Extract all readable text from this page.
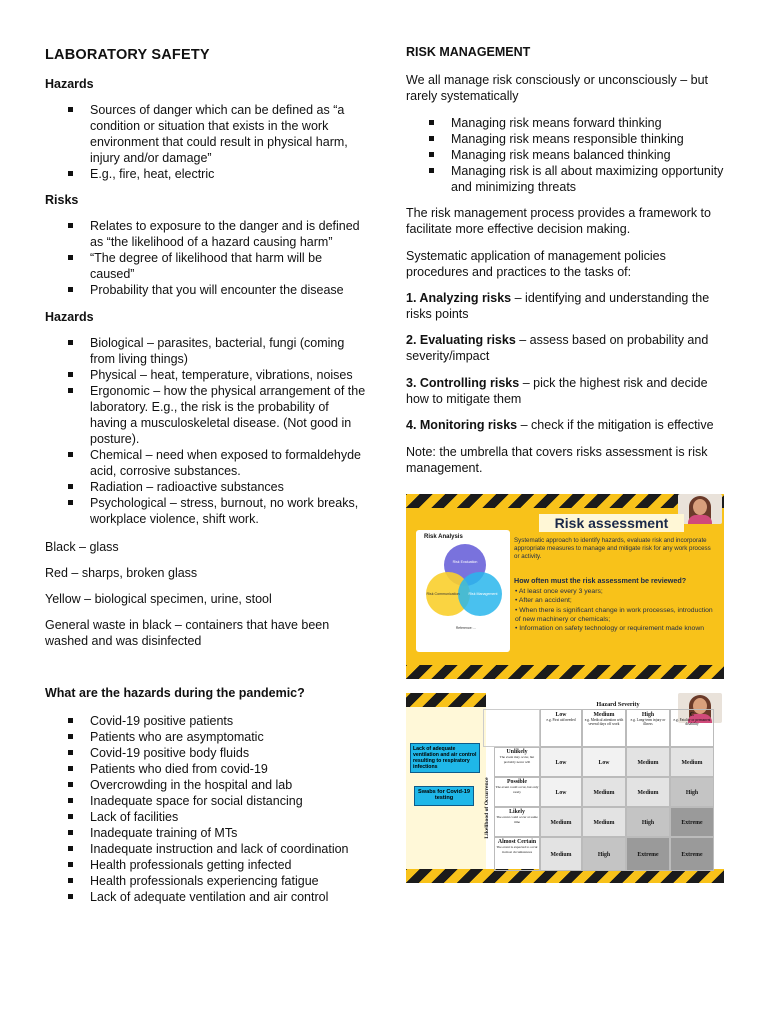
LABORATORY SAFETY

Hazards

Sources of danger which can be defined as “a condition or situation that exists in the work environment that could result in physical harm, injury and/or damage”
E.g., fire, heat, electric

Risks

Relates to exposure to the danger and is defined as “the likelihood of a hazard causing harm”
“The degree of likelihood that harm will be caused”
Probability that you will encounter the disease

Hazards

Biological – parasites, bacterial, fungi (coming from living things)
Physical – heat, temperature, vibrations, noises
Ergonomic – how the physical arrangement of the laboratory. E.g., the risk is the probability of having a musculoskeletal disease. (Not good in posture).
Chemical – need when exposed to formaldehyde acid, corrosive substances.
Radiation – radioactive substances
Psychological – stress, burnout, no work breaks, workplace violence, shift work.

Black – glass

Red – sharps, broken glass

Yellow – biological specimen, urine, stool

General waste in black – containers that have been washed and was disinfected

What are the hazards during the pandemic?

Covid-19 positive patients
Patients who are asymptomatic
Covid-19 positive body fluids
Patients who died from covid-19
Overcrowding in the hospital and lab
Inadequate space for social distancing
Lack of facilities
Inadequate training of MTs
Inadequate instruction and lack of coordination
Health professionals getting infected
Health professionals experiencing fatigue
Lack of adequate ventilation and air control

RISK MANAGEMENT

We all manage risk consciously or unconsciously – but rarely systematically

Managing risk means forward thinking
Managing risk means responsible thinking
Managing risk means balanced thinking
Managing risk is all about maximizing opportunity and minimizing threats

The risk management process provides a framework to facilitate more effective decision making.

Systematic application of management policies procedures and practices to the tasks of:

1. Analyzing risks – identifying and understanding the risks points

2. Evaluating risks – assess based on probability and severity/impact

3. Controlling risks – pick the highest risk and decide how to mitigate them

4. Monitoring risks – check if the mitigation is effective

Note: the umbrella that covers risks assessment is risk management.

Risk assessment
Risk Analysis
Risk Evaluation
Risk Communication	Risk Management
Reference: ...
Systematic approach to identify hazards, evaluate risk and incorporate appropriate measures to manage and mitigate risk for any work process or activity.
How often must the risk assessment be reviewed?
• At least once every 3 years;
• After an accident;
• When there is significant change in work processes, introduction of new machinery or chemicals;
• Information on safety technology or requirement made known
Hazard Severity
Low
e.g. First aid needed
Medium
e.g. Medical attention with several days off work
High
e.g. Long-term injury or illness
C
e.g. Fatality or permanent disability
Likelihood of Occurrence
Unlikely
The event may occur, but probably never will	Low	Low	Medium	Medium
Possible
The event could occur, but only rarely	Low	Medium	Medium	High
Likely
The event could occur at some time	Medium	Medium	High	Extreme
Almost Certain
The event is expected to occur in most circumstances	Medium	High	Extreme	Extreme
Lack of adequate ventilation and air control resulting to respiratory infections
Swabs for Covid-19 testing
